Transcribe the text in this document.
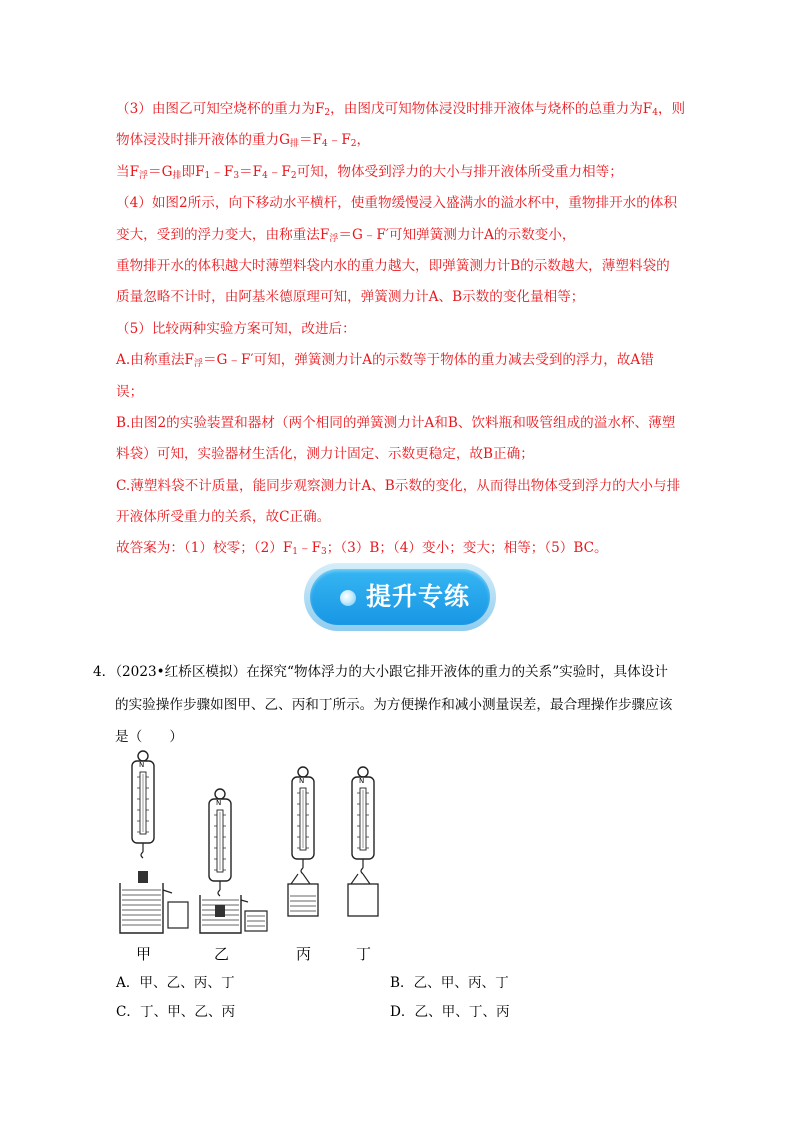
（3）由图乙可知空烧杯的重力为$F_2$，由图戊可知物体浸没时排开液体与烧杯的总重力为$F_4$，则
物体浸没时排开液体的重力$G_排=F_4﹣F_2$，
当$F_浮=G_排$即$F_1﹣F_3=F_4﹣F_2$可知，物体受到浮力的大小与排开液体所受重力相等；
（4）如图2所示，向下移动水平横杆，使重物缓慢浸入盛满水的溢水杯中，重物排开水的体积
变大，受到的浮力变大，由称重法$F_浮=G﹣F'$可知弹簧测力计A的示数变小，
重物排开水的体积越大时薄塑料袋内水的重力越大，即弹簧测力计B的示数越大，薄塑料袋的
质量忽略不计时，由阿基米德原理可知，弹簧测力计A、B示数的变化量相等；
（5）比较两种实验方案可知，改进后：
A.由称重法$F_浮=G﹣F'$可知，弹簧测力计A的示数等于物体的重力减去受到的浮力，故A错
误；
B.由图2的实验装置和器材（两个相同的弹簧测力计A和B、饮料瓶和吸管组成的溢水杯、薄塑
料袋）可知，实验器材生活化，测力计固定、示数更稳定，故B正确；
C.薄塑料袋不计质量，能同步观察测力计A、B示数的变化，从而得出物体受到浮力的大小与排
开液体所受重力的关系，故C正确。
故答案为：（1）校零；$(2)F_1﹣F_3$；（3）B；（4）变小；变大；相等；（5）BC。
提升专练
4．（2023•红桥区模拟）在探究“物体浮力的大小跟它排开液体的重力的关系”实验时，具体设计
的实验操作步骤如图甲、乙、丙和丁所示。为方便操作和减小测量误差，最合理操作步骤应该
是（　　）
N
N
N	N
甲	乙	丙	丁
A．甲、乙、丙、丁	B．乙、甲、丙、丁
C．丁、甲、乙、丙	D．乙、甲、丁、丙
